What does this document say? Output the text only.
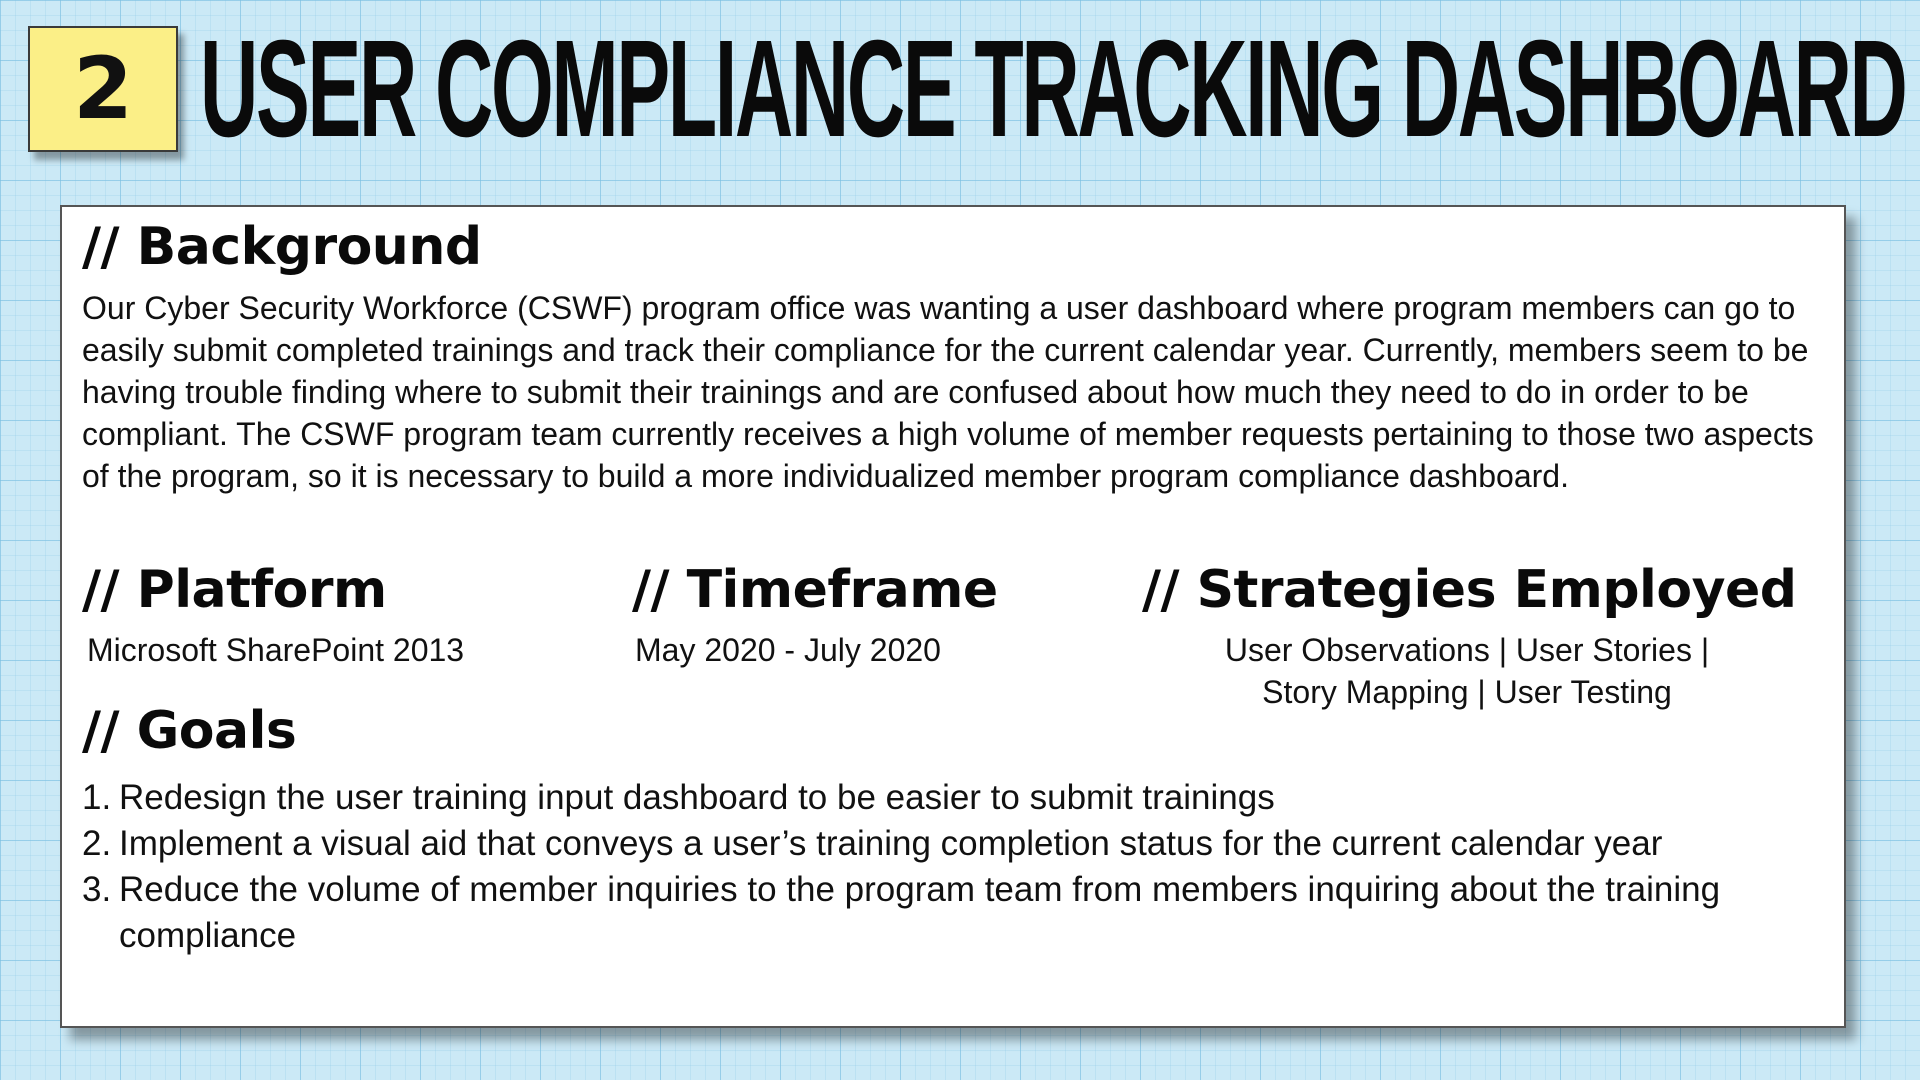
2 USER COMPLIANCE TRACKING DASHBOARD
// Background

Our Cyber Security Workforce (CSWF) program office was wanting a user dashboard where program members can go to easily submit completed trainings and track their compliance for the current calendar year. Currently, members seem to be having trouble finding where to submit their trainings and are confused about how much they need to do in order to be compliant. The CSWF program team currently receives a high volume of member requests pertaining to those two aspects of the program, so it is necessary to build a more individualized member program compliance dashboard.

// Platform

Microsoft SharePoint 2013

// Timeframe

May 2020 - July 2020

// Strategies Employed
User Observations | User Stories |
Story Mapping | User Testing
// Goals
1. Redesign the user training input dashboard to be easier to submit trainings
2. Implement a visual aid that conveys a user’s training completion status for the current calendar year
3. Reduce the volume of member inquiries to the program team from members inquiring about the training compliance
